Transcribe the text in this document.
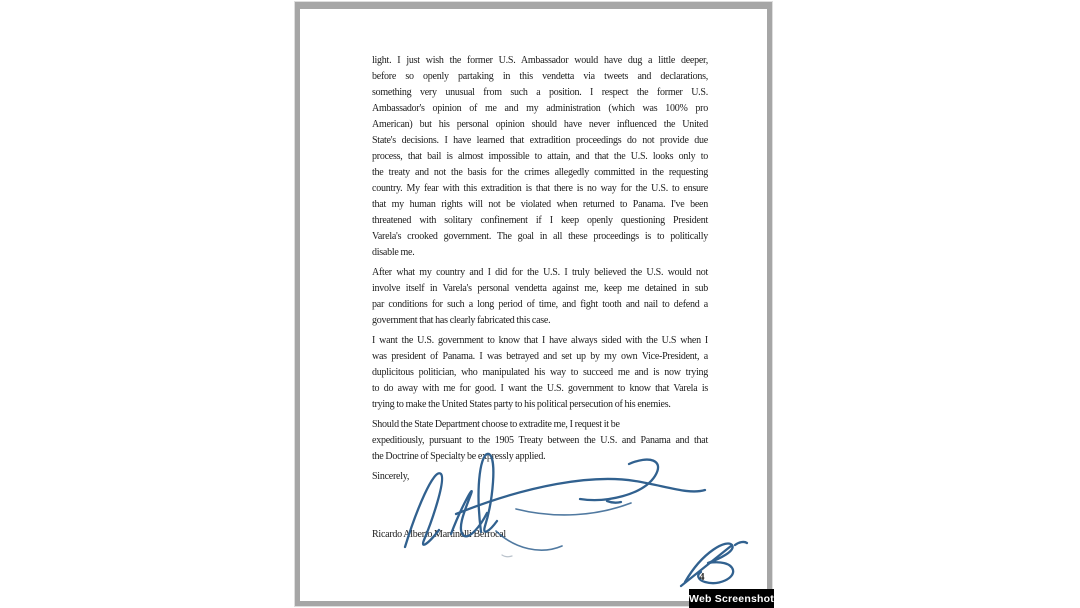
light. I just wish the former U.S. Ambassador would have dug a little deeper,
before so openly partaking in this vendetta via tweets and declarations,
something very unusual from such a position. I respect the former U.S.
Ambassador's opinion of me and my administration (which was 100% pro
American) but his personal opinion should have never influenced the United
State's decisions. I have learned that extradition proceedings do not provide due
process, that bail is almost impossible to attain, and that the U.S. looks only to
the treaty and not the basis for the crimes allegedly committed in the requesting
country. My fear with this extradition is that there is no way for the U.S. to ensure
that my human rights will not be violated when returned to Panama. I've been
threatened with solitary confinement if I keep openly questioning President
Varela's crooked government. The goal in all these proceedings is to politically
disable me.
After what my country and I did for the U.S. I truly believed the U.S. would not
involve itself in Varela's personal vendetta against me, keep me detained in sub
par conditions for such a long period of time, and fight tooth and nail to defend a
government that has clearly fabricated this case.
I want the U.S. government to know that I have always sided with the U.S when I
was president of Panama. I was betrayed and set up by my own Vice-President, a
duplicitous politician, who manipulated his way to succeed me and is now trying
to do away with me for good. I want the U.S. government to know that Varela is
trying to make the United States party to his political persecution of his enemies.
Should the State Department choose to extradite me, I request it be
expeditiously, pursuant to the 1905 Treaty between the U.S. and Panama and that
the Doctrine of Specialty be expressly applied.
Sincerely,
Ricardo Alberto Martinelli Berrocal
4
Web Screenshot
